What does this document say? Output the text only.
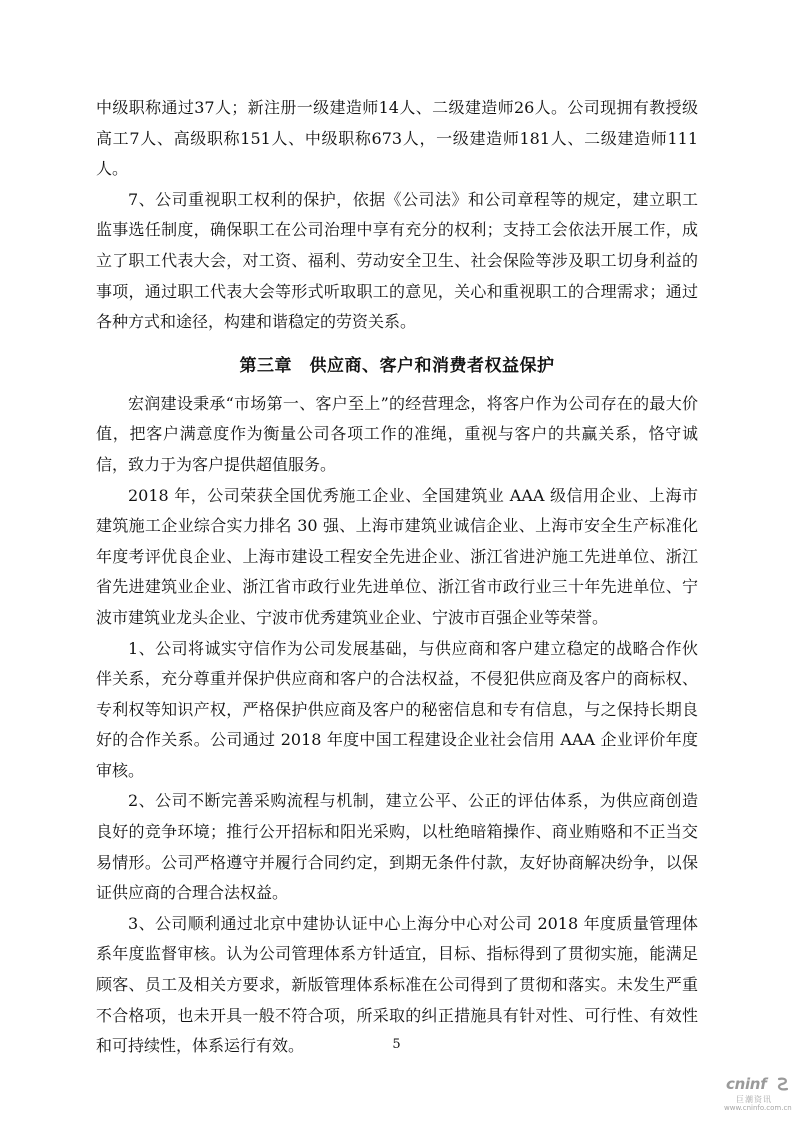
中级职称通过37人；新注册一级建造师14人、二级建造师26人。公司现拥有教授级高工7人、高级职称151人、中级职称673人，一级建造师181人、二级建造师111人。

7、公司重视职工权利的保护，依据《公司法》和公司章程等的规定，建立职工监事选任制度，确保职工在公司治理中享有充分的权利；支持工会依法开展工作，成立了职工代表大会，对工资、福利、劳动安全卫生、社会保险等涉及职工切身利益的事项，通过职工代表大会等形式听取职工的意见，关心和重视职工的合理需求；通过各种方式和途径，构建和谐稳定的劳资关系。

第三章　供应商、客户和消费者权益保护

宏润建设秉承“市场第一、客户至上”的经营理念，将客户作为公司存在的最大价值，把客户满意度作为衡量公司各项工作的准绳，重视与客户的共赢关系，恪守诚信，致力于为客户提供超值服务。

2018 年，公司荣获全国优秀施工企业、全国建筑业 AAA 级信用企业、上海市建筑施工企业综合实力排名 30 强、上海市建筑业诚信企业、上海市安全生产标准化年度考评优良企业、上海市建设工程安全先进企业、浙江省进沪施工先进单位、浙江省先进建筑业企业、浙江省市政行业先进单位、浙江省市政行业三十年先进单位、宁波市建筑业龙头企业、宁波市优秀建筑业企业、宁波市百强企业等荣誉。

1、公司将诚实守信作为公司发展基础，与供应商和客户建立稳定的战略合作伙伴关系，充分尊重并保护供应商和客户的合法权益，不侵犯供应商及客户的商标权、专利权等知识产权，严格保护供应商及客户的秘密信息和专有信息，与之保持长期良好的合作关系。公司通过 2018 年度中国工程建设企业社会信用 AAA 企业评价年度审核。

2、公司不断完善采购流程与机制，建立公平、公正的评估体系，为供应商创造良好的竞争环境；推行公开招标和阳光采购，以杜绝暗箱操作、商业贿赂和不正当交易情形。公司严格遵守并履行合同约定，到期无条件付款，友好协商解决纷争，以保证供应商的合理合法权益。

3、公司顺利通过北京中建协认证中心上海分中心对公司 2018 年度质量管理体系年度监督审核。认为公司管理体系方针适宜，目标、指标得到了贯彻实施，能满足顾客、员工及相关方要求，新版管理体系标准在公司得到了贯彻和落实。未发生严重不合格项，也未开具一般不符合项，所采取的纠正措施具有针对性、可行性、有效性和可持续性，体系运行有效。	5
cninf
巨潮资讯
www.cninfo.com.cn
